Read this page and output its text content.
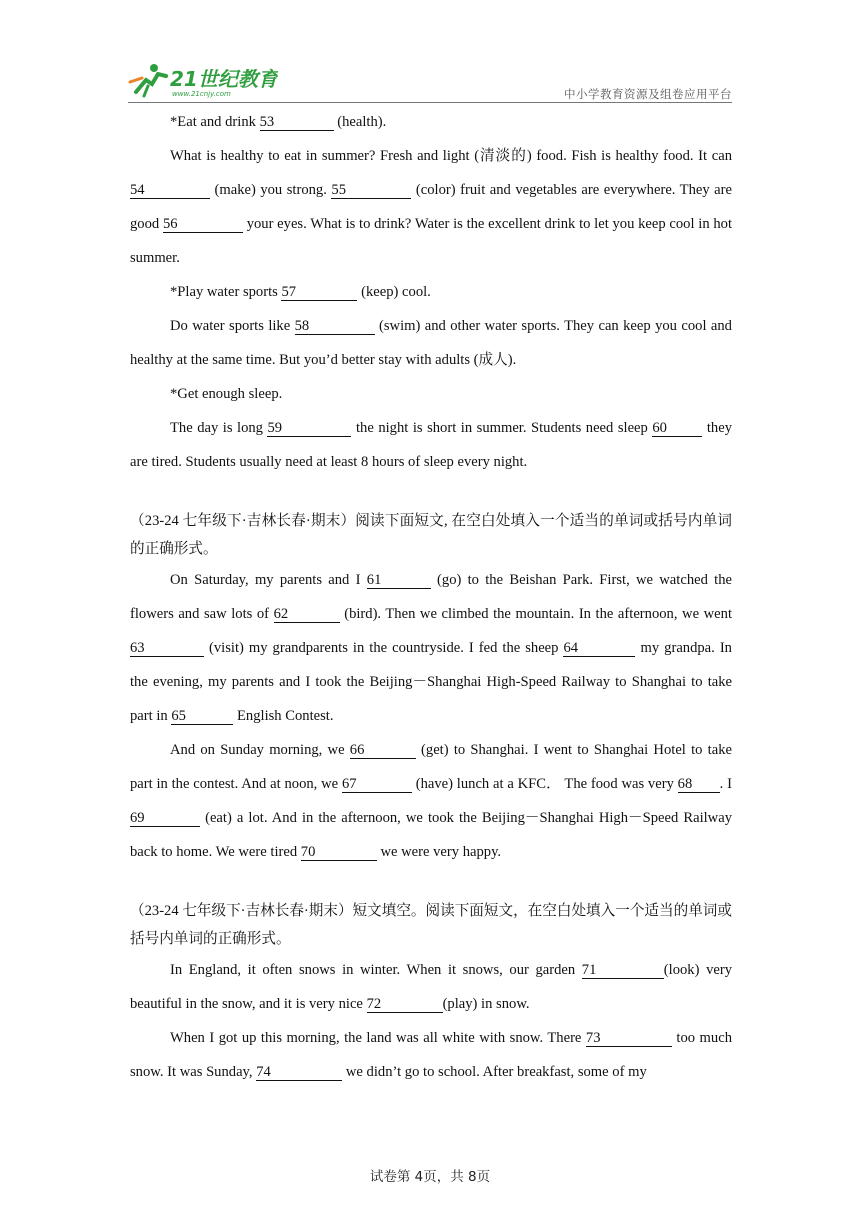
21世纪教育
www.21cnjy.com	中小学教育资源及组卷应用平台

*Eat and drink 53	(health).

What is healthy to eat in summer? Fresh and light (清淡的) food. Fish is healthy food. It can 54	(make) you strong. 55	(color) fruit and vegetables are everywhere. They are good 56	your eyes. What is to drink? Water is the excellent drink to let you keep cool in hot summer.

*Play water sports 57	(keep) cool.

Do water sports like 58	(swim) and other water sports. They can keep you cool and healthy at the same time. But you’d better stay with adults (成人).

*Get enough sleep.

The day is long 59	the night is short in summer. Students need sleep 60	they are tired. Students usually need at least 8 hours of sleep every night.

（23-24 七年级下·吉林长春·期末）阅读下面短文, 在空白处填入一个适当的单词或括号内单词的正确形式。

On Saturday, my parents and I 61	(go) to the Beishan Park. First, we watched the flowers and saw lots of 62	(bird). Then we climbed the mountain. In the afternoon, we went 63	(visit) my grandparents in the countryside. I fed the sheep 64	my grandpa. In the evening, my parents and I took the Beijing－Shanghai High-Speed Railway to Shanghai to take part in 65	English Contest.

And on Sunday morning, we 66	(get) to Shanghai. I went to Shanghai Hotel to take part in the contest. And at noon, we 67	(have) lunch at a KFC． The food was very 68 . I 69	(eat) a lot. And in the afternoon, we took the Beijing－Shanghai High－Speed Railway back to home. We were tired 70	we were very happy.

（23-24 七年级下·吉林长春·期末）短文填空。阅读下面短文，在空白处填入一个适当的单词或括号内单词的正确形式。

In England, it often snows in winter. When it snows, our garden 71	(look) very beautiful in the snow, and it is very nice 72	(play) in snow.

When I got up this morning, the land was all white with snow. There 73	too much snow. It was Sunday, 74	we didn’t go to school. After breakfast, some of my

试卷第 4页，共 8页
